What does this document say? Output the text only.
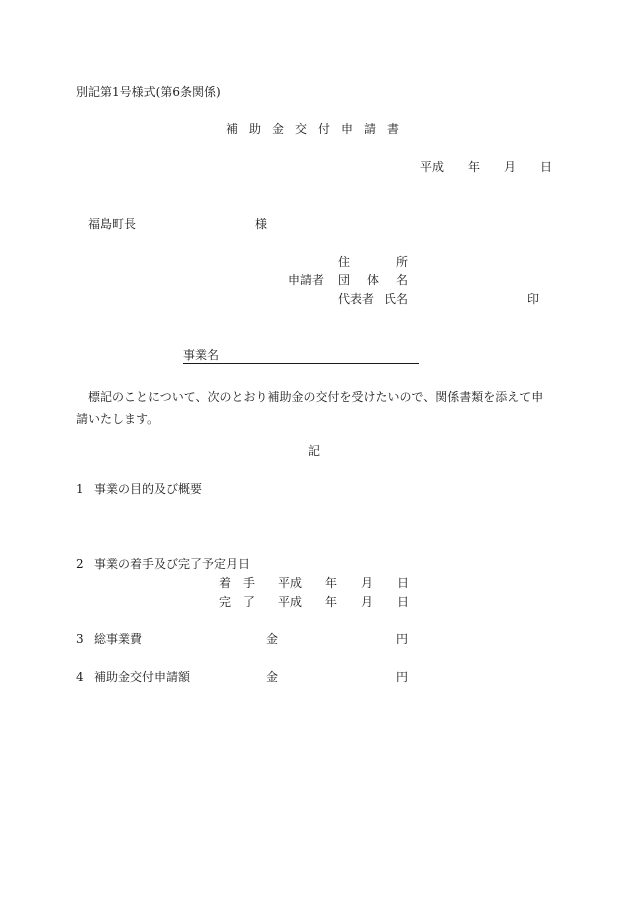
別記第1号様式(第6条関係)
補助金交付申請書
平成 年 月 日
福島町長	様
住	所
申請者 団 体 名
代表者 氏名	印
事業名
標記のことについて、次のとおり補助金の交付を受けたいので、関係書類を添えて申請いたします。
記
1 事業の目的及び概要
2 事業の着手及び完了予定月日
着 手 平成 年 月 日
完 了 平成 年 月 日
3 総事業費	金	円
4 補助金交付申請額	金	円
